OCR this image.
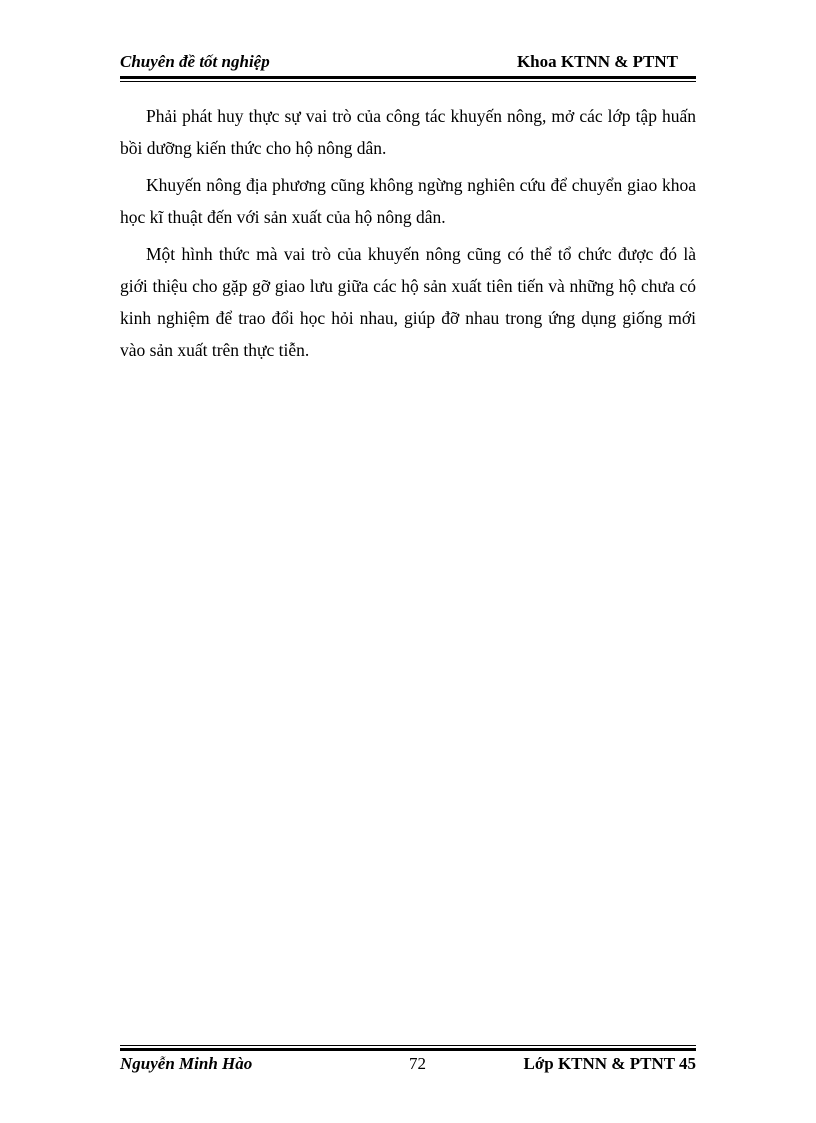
Chuyên đề tốt nghiệp	Khoa KTNN & PTNT

Phải phát huy thực sự vai trò của công tác khuyến nông, mở các lớp tập huấn bồi dưỡng kiến thức cho hộ nông dân.

Khuyến nông địa phương cũng không ngừng nghiên cứu để chuyển giao khoa học kĩ thuật đến với sản xuất của hộ nông dân.

Một hình thức mà vai trò của khuyến nông cũng có thể tổ chức được đó là giới thiệu cho gặp gỡ giao lưu giữa các hộ sản xuất tiên tiến và những hộ chưa có kinh nghiệm để trao đổi học hỏi nhau, giúp đỡ nhau trong ứng dụng giống mới vào sản xuất trên thực tiễn.

Nguyễn Minh Hào	72	Lớp KTNN & PTNT 45
